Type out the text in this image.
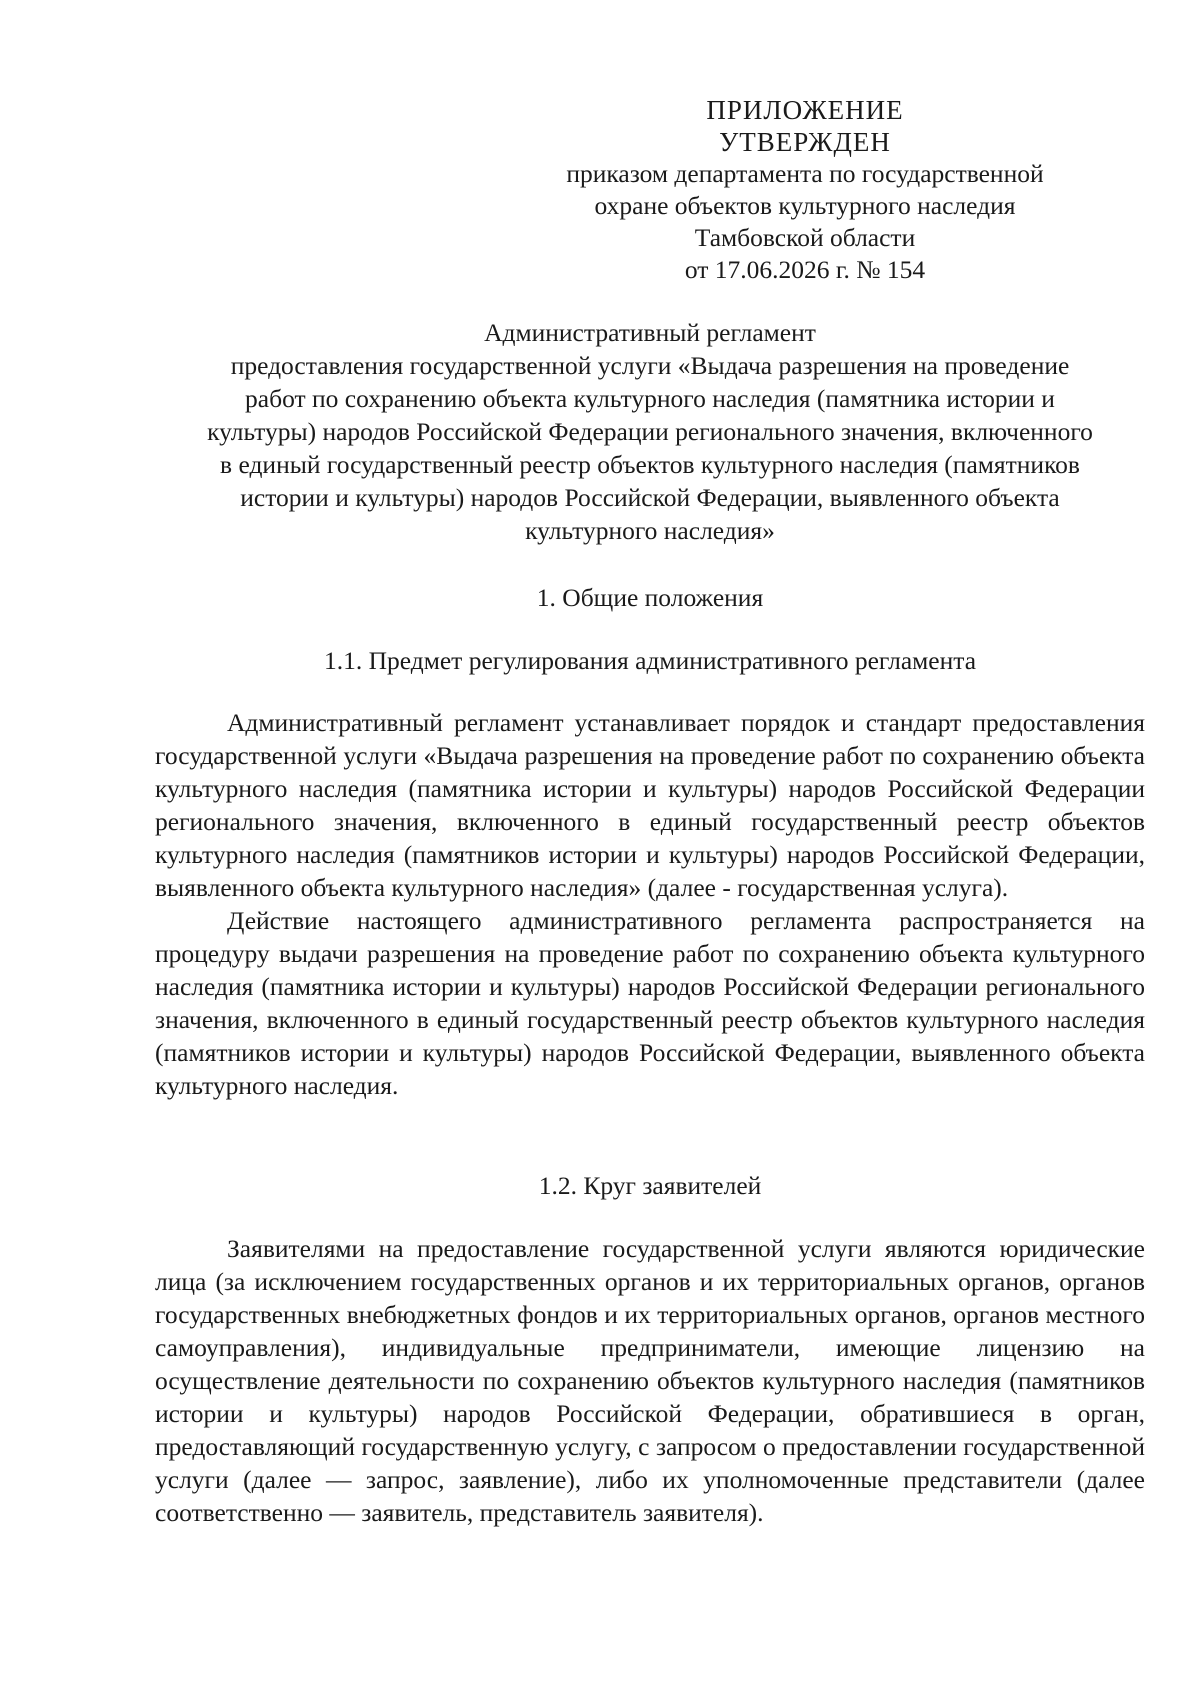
ПРИЛОЖЕНИЕ
УТВЕРЖДЕН
приказом департамента по государственной
охране объектов культурного наследия
Тамбовской области
от 17.06.2026 г. № 154
Административный регламент
предоставления государственной услуги «Выдача разрешения на проведение
работ по сохранению объекта культурного наследия (памятника истории и
культуры) народов Российской Федерации регионального значения, включенного
в единый государственный реестр объектов культурного наследия (памятников
истории и культуры) народов Российской Федерации, выявленного объекта
культурного наследия»
1. Общие положения
1.1. Предмет регулирования административного регламента

Административный регламент устанавливает порядок и стандарт предоставления государственной услуги «Выдача разрешения на проведение работ по сохранению объекта культурного наследия (памятника истории и культуры) народов Российской Федерации регионального значения, включенного в единый государственный реестр объектов культурного наследия (памятников истории и культуры) народов Российской Федерации, выявленного объекта культурного наследия» (далее - государственная услуга).

Действие настоящего административного регламента распространяется на процедуру выдачи разрешения на проведение работ по сохранению объекта культурного наследия (памятника истории и культуры) народов Российской Федерации регионального значения, включенного в единый государственный реестр объектов культурного наследия (памятников истории и культуры) народов Российской Федерации, выявленного объекта культурного наследия.

1.2. Круг заявителей

Заявителями на предоставление государственной услуги являются юридические лица (за исключением государственных органов и их территориальных органов, органов государственных внебюджетных фондов и их территориальных органов, органов местного самоуправления), индивидуальные предприниматели, имеющие лицензию на осуществление деятельности по сохранению объектов культурного наследия (памятников истории и культуры) народов Российской Федерации, обратившиеся в орган, предоставляющий государственную услугу, с запросом о предоставлении государственной услуги (далее — запрос, заявление), либо их уполномоченные представители (далее соответственно — заявитель, представитель заявителя).
